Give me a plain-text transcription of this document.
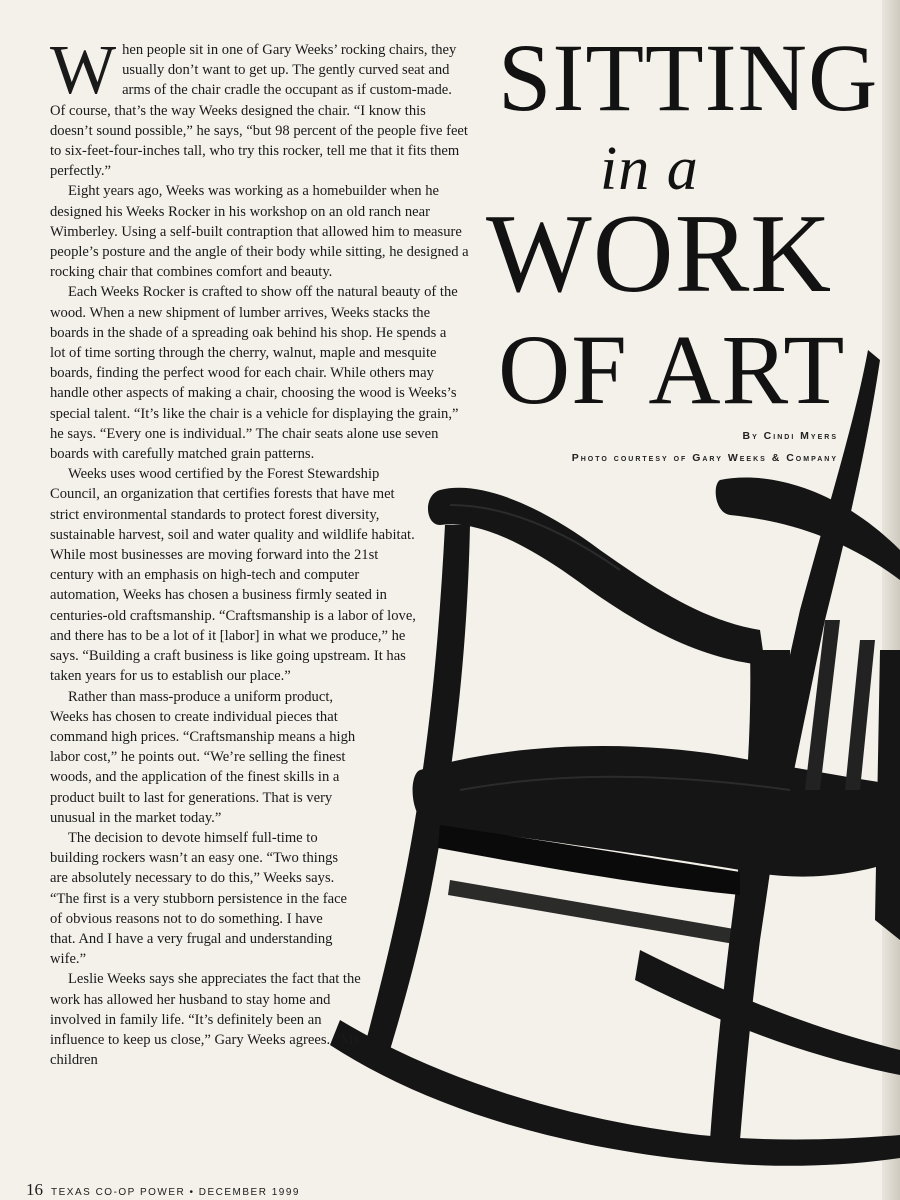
SITTING
in a
WORK
OF ART
By Cindi Myers
Photo courtesy of Gary Weeks & Company

When people sit in one of Gary Weeks’ rocking chairs, they usually don’t want to get up. The gently curved seat and arms of the chair cradle the occupant as if custom-made. Of course, that’s the way Weeks designed the chair. “I know this doesn’t sound possible,” he says, “but 98 percent of the people five feet to six-feet-four-inches tall, who try this rocker, tell me that it fits them perfectly.”

Eight years ago, Weeks was working as a homebuilder when he designed his Weeks Rocker in his workshop on an old ranch near Wimberley. Using a self-built contraption that allowed him to measure people’s posture and the angle of their body while sitting, he designed a rocking chair that combines comfort and beauty.

Each Weeks Rocker is crafted to show off the natural beauty of the wood. When a new shipment of lumber arrives, Weeks stacks the boards in the shade of a spreading oak behind his shop. He spends a lot of time sorting through the cherry, walnut, maple and mesquite boards, finding the perfect wood for each chair. While others may handle other aspects of making a chair, choosing the wood is Weeks’s special talent. “It’s like the chair is a vehicle for displaying the grain,” he says. “Every one is individual.” The chair seats alone use seven boards with carefully matched grain patterns.

Weeks uses wood certified by the Forest Stewardship Council, an organization that certifies forests that have met strict environmental standards to protect forest diversity, sustainable harvest, soil and water quality and wildlife habitat. While most businesses are moving forward into the 21st century with an emphasis on high-tech and computer automation, Weeks has chosen a business firmly seated in centuries-old craftsmanship. “Craftsmanship is a labor of love, and there has to be a lot of it [labor] in what we produce,” he says. “Building a craft business is like going upstream. It has taken years for us to establish our place.”

Rather than mass-produce a uniform product, Weeks has chosen to create individual pieces that command high prices. “Craftsmanship means a high labor cost,” he points out. “We’re selling the finest woods, and the application of the finest skills in a product built to last for generations. That is very unusual in the market today.”

The decision to devote himself full-time to building rockers wasn’t an easy one. “Two things are absolutely necessary to do this,” Weeks says. “The first is a very stubborn persistence in the face of obvious reasons not to do something. I have that. And I have a very frugal and understanding wife.”

Leslie Weeks says she appreciates the fact that the work has allowed her husband to stay home and involved in family life. “It’s definitely been an influence to keep us close,” Gary Weeks agrees. “My children

16 TEXAS CO-OP POWER • DECEMBER 1999
